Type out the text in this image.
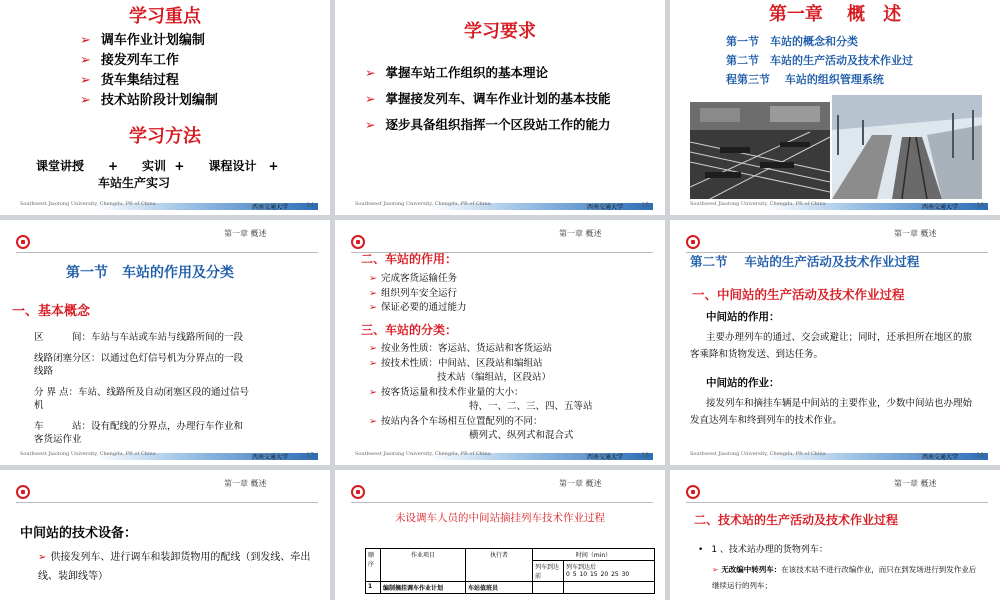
学习重点
➢ 调车作业计划编制
➢ 接发列车工作
➢ 货车集结过程
➢ 技术站阶段计划编制
学习方法
课堂讲授　　+　　实训  +　　课程设计　+
车站生产实习
Southwest Jiaotong University, Chengdu, PR of China	西南交通大学	14
学习要求
➢ 掌握车站工作组织的基本理论
➢ 掌握接发列车、调车作业计划的基本技能
➢ 逐步具备组织指挥一个区段站工作的能力
Southwest Jiaotong University, Chengdu, PR of China	西南交通大学	15
第一章　 概　述
第一节　车站的概念和分类
第二节　车站的生产活动及技术作业过
程第三节　 车站的组织管理系统
Southwest Jiaotong University, Chengdu, PR of China	西南交通大学	16
第一章 概述
第一节　车站的作用及分类
一、基本概念
区　　　间：车站与车站或车站与线路所间的一段
线路闭塞分区：以通过色灯信号机为分界点的一段
线路
分 界 点：车站、线路所及自动闭塞区段的通过信号
机
车　　　站：设有配线的分界点，办理行车作业和
客货运作业
Southwest Jiaotong University, Chengdu, PR of China	西南交通大学	17
第一章 概述
二、车站的作用：
➢ 完成客货运输任务
➢ 组织列车安全运行
➢ 保证必要的通过能力
三、车站的分类：
➢ 按业务性质：客运站、货运站和客货运站
➢ 按技术性质：中间站、区段站和编组站
技术站（编组站，区段站）
➢ 按客货运量和技术作业量的大小：
特、一、二、三、四、五等站
➢ 按站内各个车场相互位置配列的不同：
横列式、纵列式和混合式
Southwest Jiaotong University, Chengdu, PR of China	西南交通大学	18
第一章 概述
第二节　 车站的生产活动及技术作业过程
一、中间站的生产活动及技术作业过程
中间站的作用：
主要办理列车的通过、交会或避让；同时，还承担所在地区的旅客乘降和货物发送、到达任务。
中间站的作业：
接发列车和摘挂车辆是中间站的主要作业，少数中间站也办理始发直达列车和终到列车的技术作业。
Southwest Jiaotong University, Chengdu, PR of China	西南交通大学	19
第一章 概述
中间站的技术设备：
➢ 供接发列车、进行调车和装卸货物用的配线（到发线、牵出线、装卸线等）
第一章 概述
未设调车人员的中间站摘挂列车技术作业过程
顺序	作业项目	执行者	时间（min）	
			列车到达前	列车到达后
0 5 10 15 20 25 30

1	编制摘挂调车作业计划	车站值班员		
第一章 概述
二、技术站的生产活动及技术作业过程
• 1 、技术站办理的货物列车：
➢ 无改编中转列车：在该技术站不进行改编作业，而只在到发场进行到发作业后继续运行的列车；
